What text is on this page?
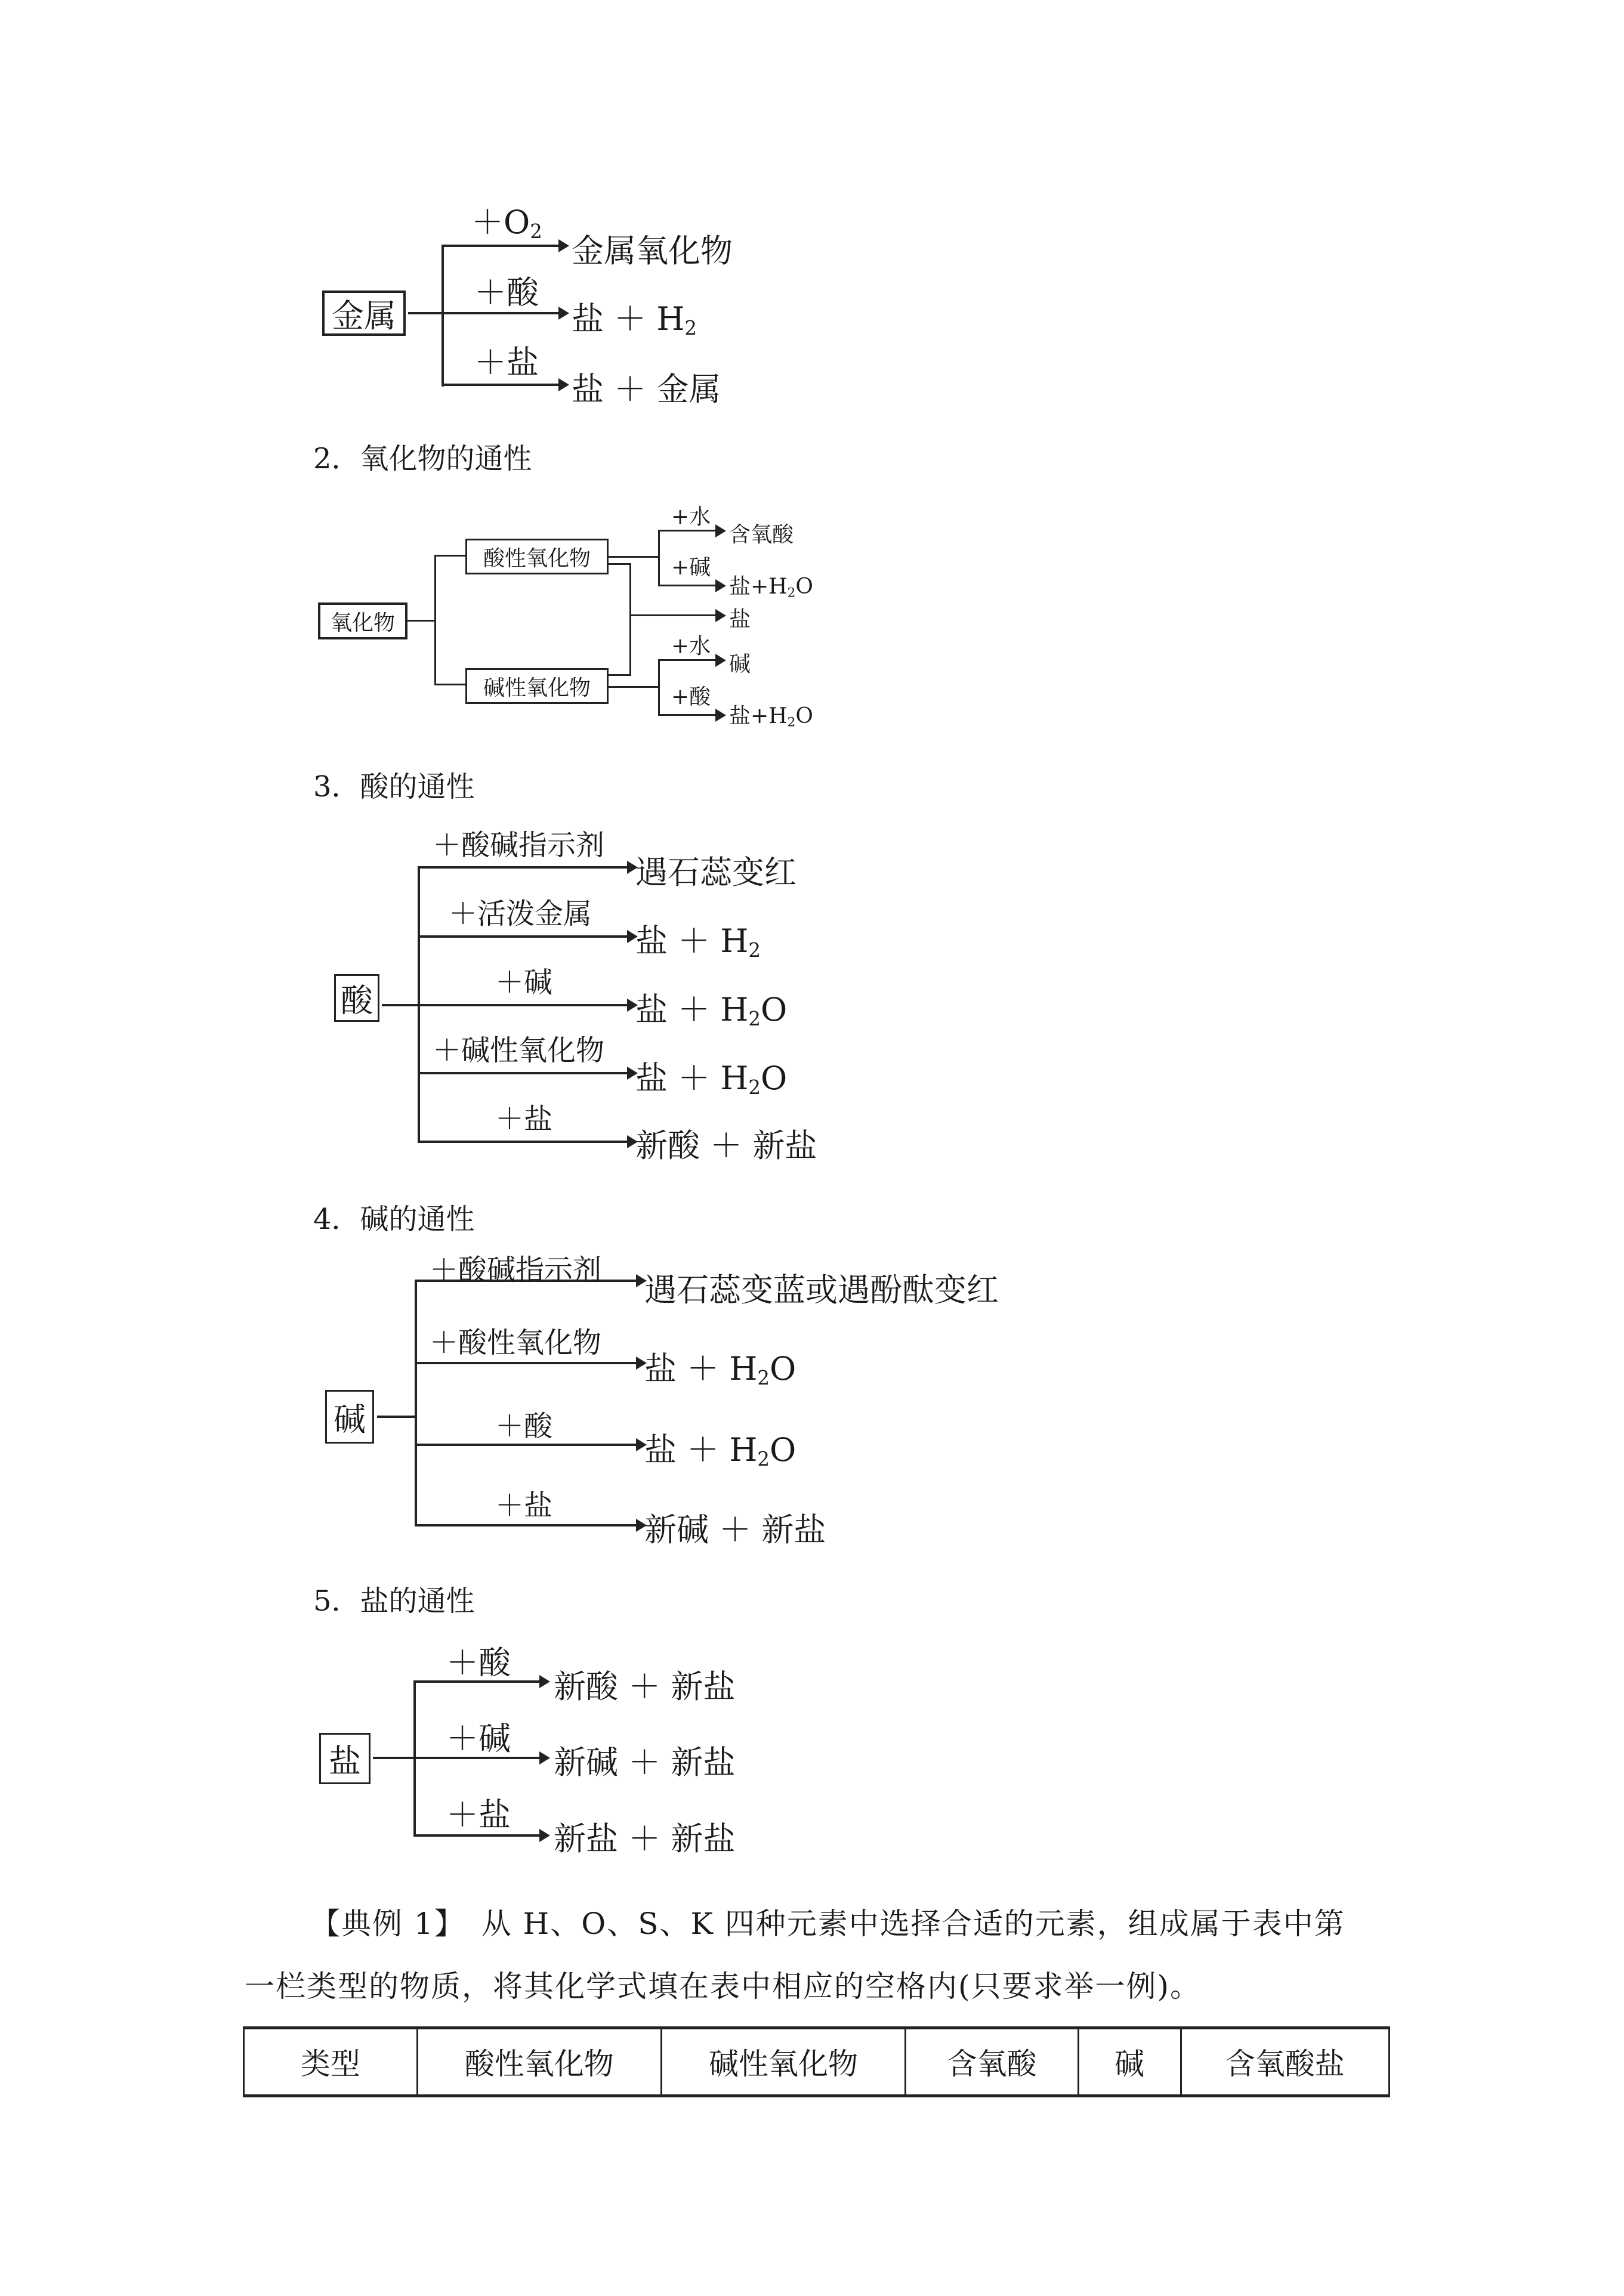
金属
$+O_2$
金属氧化物
＋酸
盐 ＋ $H_2$
＋盐
盐 ＋ 金属
2．氧化物的通性
氧化物
酸性氧化物
碱性氧化物
+水
含氧酸
+碱
盐$+H_2O$
盐
+水
碱
+酸
盐$+H_2O$
3．酸的通性
酸
＋酸碱指示剂
遇石蕊变红
＋活泼金属
盐 ＋ $H_2$
＋碱
盐 ＋ $H_2O$
＋碱性氧化物
盐 ＋ $H_2O$
＋盐
新酸 ＋ 新盐
4．碱的通性
碱
＋酸碱指示剂
遇石蕊变蓝或遇酚酞变红
＋酸性氧化物
盐 ＋ $H_2O$
＋酸
盐 ＋ $H_2O$
＋盐
新碱 ＋ 新盐
5．盐的通性
盐
＋酸
新酸 ＋ 新盐
＋碱
新碱 ＋ 新盐
＋盐
新盐 ＋ 新盐
【典例 1】　 从 H、O、S、K 四种元素中选择合适的元素，组成属于表中第
一栏类型的物质，将其化学式填在表中相应的空格内(只要求举一例)。
类型	酸性氧化物	碱性氧化物	含氧酸	碱	含氧酸盐
